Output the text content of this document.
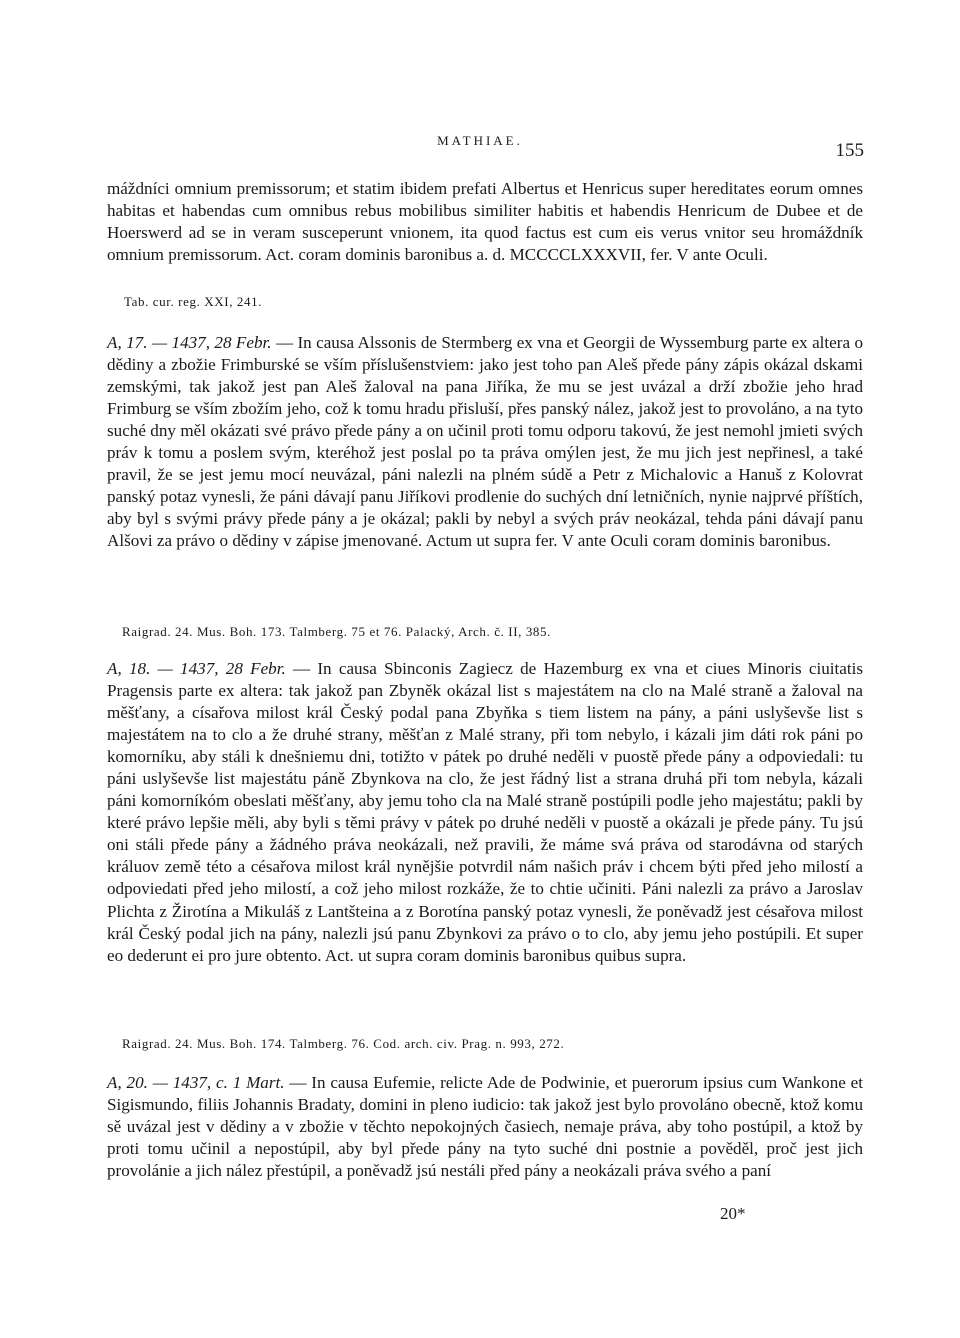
MATHIAE.	155

máždníci omnium premissorum; et statim ibidem prefati Albertus et Henricus super hereditates eorum omnes habitas et habendas cum omnibus rebus mobilibus similiter habitis et habendis Henricum de Dubee et de Hoerswerd ad se in veram susceperunt vnionem, ita quod factus est cum eis verus vnitor seu hromáždník omnium premissorum. Act. coram dominis baronibus a. d. MCCCCLXXXVII, fer. V ante Oculi.

Tab. cur. reg. XXI, 241.

A, 17. — 1437, 28 Febr. — In causa Alssonis de Stermberg ex vna et Georgii de Wyssemburg parte ex altera o dědiny a zbožie Frimburské se vším příslušenstviem: jako jest toho pan Aleš přede pány zápis okázal dskami zemskými, tak jakož jest pan Aleš žaloval na pana Jiříka, že mu se jest uvázal a drží zbožie jeho hrad Frimburg se vším zbožím jeho, což k tomu hradu přisluší, přes panský nález, jakož jest to provoláno, a na tyto suché dny měl okázati své právo přede pány a on učinil proti tomu odporu takovú, že jest nemohl jmieti svých práv k tomu a poslem svým, kteréhož jest poslal po ta práva omýlen jest, že mu jich jest nepřinesl, a také pravil, že se jest jemu mocí neuvázal, páni nalezli na plném súdě a Petr z Michalovic a Hanuš z Kolovrat panský potaz vynesli, že páni dávají panu Jiříkovi prodlenie do suchých dní letničních, nynie najprvé příštích, aby byl s svými právy přede pány a je okázal; pakli by nebyl a svých práv neokázal, tehda páni dávají panu Alšovi za právo o dědiny v zápise jmenované. Actum ut supra fer. V ante Oculi coram dominis baronibus.

Raigrad. 24. Mus. Boh. 173. Talmberg. 75 et 76. Palacký, Arch. č. II, 385.

A, 18. — 1437, 28 Febr. — In causa Sbinconis Zagiecz de Hazemburg ex vna et ciues Minoris ciuitatis Pragensis parte ex altera: tak jakož pan Zbyněk okázal list s majestátem na clo na Malé straně a žaloval na měšťany, a císařova milost král Český podal pana Zbyňka s tiem listem na pány, a páni uslyševše list s majestátem na to clo a že druhé strany, měšťan z Malé strany, při tom nebylo, i kázali jim dáti rok páni po komorníku, aby stáli k dnešniemu dni, totižto v pátek po druhé neděli v puostě přede pány a odpoviedali: tu páni uslyševše list majestátu páně Zbynkova na clo, že jest řádný list a strana druhá při tom nebyla, kázali páni komorníkóm obeslati měšťany, aby jemu toho cla na Malé straně postúpili podle jeho majestátu; pakli by které právo lepšie měli, aby byli s těmi právy v pátek po druhé neděli v puostě a okázali je přede pány. Tu jsú oni stáli přede pány a žádného práva neokázali, než pravili, že máme svá práva od starodávna od starých králuov země této a césařova milost král nynějšie potvrdil nám našich práv i chcem býti před jeho milostí a odpoviedati před jeho milostí, a což jeho milost rozkáže, že to chtie učiniti. Páni nalezli za právo a Jaroslav Plichta z Žirotína a Mikuláš z Lantšteina a z Borotína panský potaz vynesli, že poněvadž jest césařova milost král Český podal jich na pány, nalezli jsú panu Zbynkovi za právo o to clo, aby jemu jeho postúpili. Et super eo dederunt ei pro jure obtento. Act. ut supra coram dominis baronibus quibus supra.

Raigrad. 24. Mus. Boh. 174. Talmberg. 76. Cod. arch. civ. Prag. n. 993, 272.

A, 20. — 1437, c. 1 Mart. — In causa Eufemie, relicte Ade de Podwinie, et puerorum ipsius cum Wankone et Sigismundo, filiis Johannis Bradaty, domini in pleno iudicio: tak jakož jest bylo provoláno obecně, ktož komu sě uvázal jest v dědiny a v zbožie v těchto nepokojných časiech, nemaje práva, aby toho postúpil, a ktož by proti tomu učinil a nepostúpil, aby byl přede pány na tyto suché dni postnie a pověděl, proč jest jich provolánie a jich nález přestúpil, a poněvadž jsú nestáli před pány a neokázali práva svého a paní

20*
